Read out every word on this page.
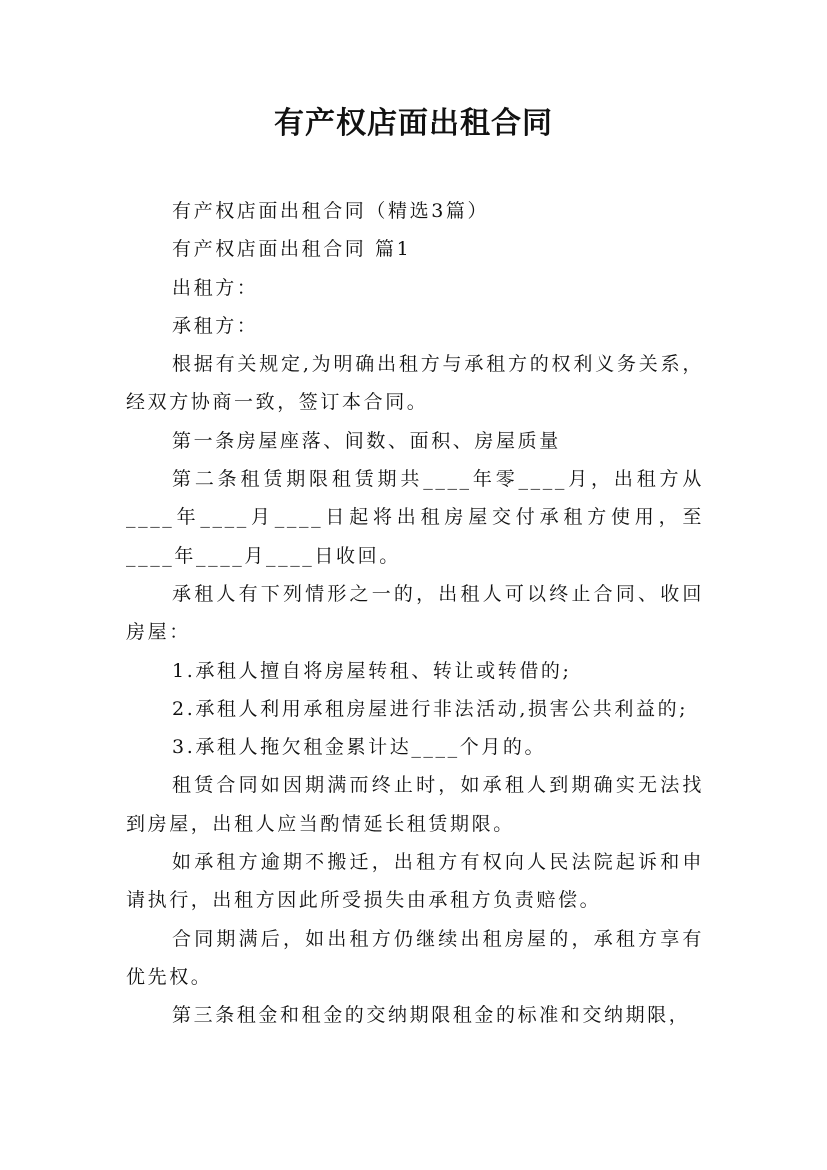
有产权店面出租合同

有产权店面出租合同（精选3篇）

有产权店面出租合同 篇1

出租方：

承租方：

根据有关规定,为明确出租方与承租方的权利义务关系，经双方协商一致，签订本合同。

第一条房屋座落、间数、面积、房屋质量

第二条租赁期限租赁期共____年零____月，出租方从____年____月____日起将出租房屋交付承租方使用，至____年____月____日收回。

承租人有下列情形之一的，出租人可以终止合同、收回房屋：

1.承租人擅自将房屋转租、转让或转借的;

2.承租人利用承租房屋进行非法活动,损害公共利益的;

3.承租人拖欠租金累计达____个月的。

租赁合同如因期满而终止时，如承租人到期确实无法找到房屋，出租人应当酌情延长租赁期限。

如承租方逾期不搬迁，出租方有权向人民法院起诉和申请执行，出租方因此所受损失由承租方负责赔偿。

合同期满后，如出租方仍继续出租房屋的，承租方享有优先权。

第三条租金和租金的交纳期限租金的标准和交纳期限，
